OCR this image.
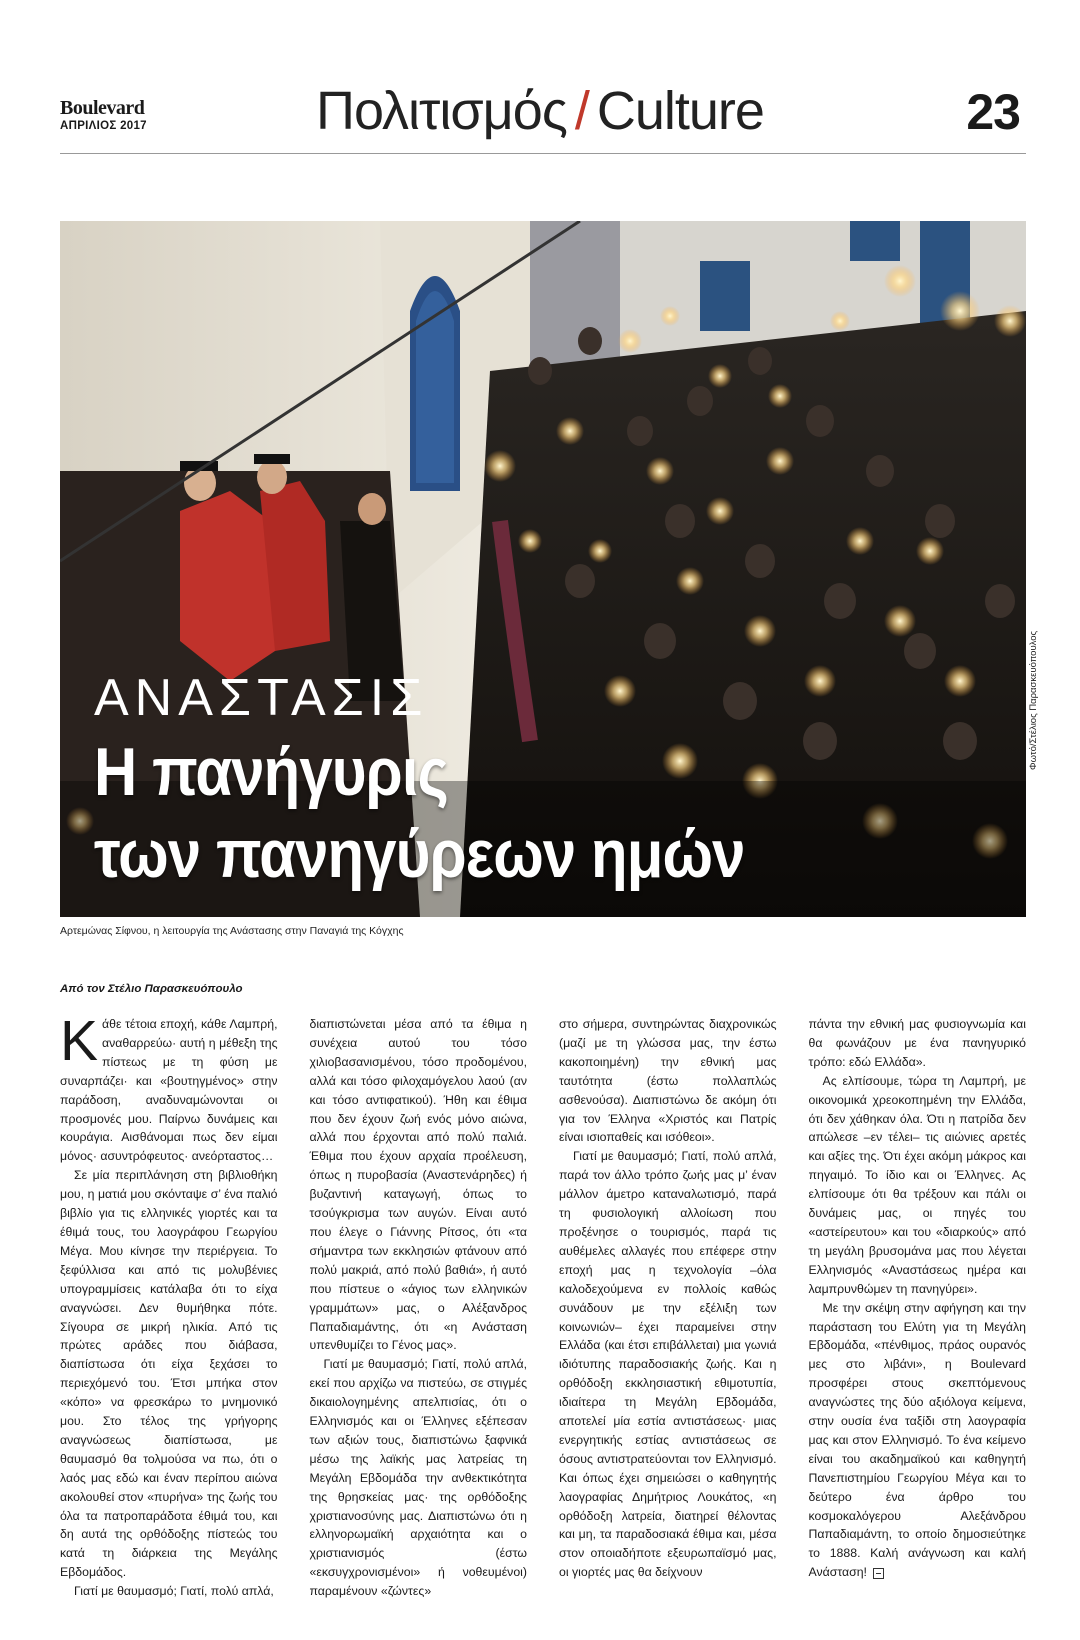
Boulevard
ΑΠΡΙΛΙΟΣ 2017	Πολιτισμός / Culture	23
ΑΝΑΣΤΑΣΙΣ
Η πανήγυρις
των πανηγύρεων ημών
Φωτό/Στέλιος Παρασκευόπουλος
Αρτεμώνας Σίφνου, η λειτουργία της Ανάστασης στην Παναγιά της Κόγχης
Από τον Στέλιο Παρασκευόπουλο

Κάθε τέτοια εποχή, κάθε Λαμπρή, αναθαρρεύω· αυτή η μέθεξη της πίστεως με τη φύση με συναρπάζει· και «βουτηγμένος» στην παράδοση, αναδυναμώνονται οι προσμονές μου. Παίρνω δυνάμεις και κουράγια. Αισθάνομαι πως δεν είμαι μόνος· ασυντρόφευτος· ανεόρταστος…

Σε μία περιπλάνηση στη βιβλιοθήκη μου, η ματιά μου σκόνταψε σ’ ένα παλιό βιβλίο για τις ελληνικές γιορτές και τα έθιμά τους, του λαογράφου Γεωργίου Μέγα. Μου κίνησε την περιέργεια. Το ξεφύλλισα και από τις μολυβένιες υπογραμμίσεις κατάλαβα ότι το είχα αναγνώσει. Δεν θυμήθηκα πότε. Σίγουρα σε μικρή ηλικία. Από τις πρώτες αράδες που διάβασα, διαπίστωσα ότι είχα ξεχάσει το περιεχόμενό του. Έτσι μπήκα στον «κόπο» να φρεσκάρω το μνημονικό μου. Στο τέλος της γρήγορης αναγνώσεως διαπίστωσα, με θαυμασμό θα τολμούσα να πω, ότι ο λαός μας εδώ και έναν περίπου αιώνα ακολουθεί στον «πυρήνα» της ζωής του όλα τα πατροπαράδοτα έθιμά του, και δη αυτά της ορθόδοξης πίστεώς του κατά τη διάρκεια της Μεγάλης Εβδομάδος.

Γιατί με θαυμασμό; Γιατί, πολύ απλά,

διαπιστώνεται μέσα από τα έθιμα η συνέχεια αυτού του τόσο χιλιοβασανισμένου, τόσο προδομένου, αλλά και τόσο φιλοχαμόγελου λαού (αν και τόσο αντιφατικού). Ήθη και έθιμα που δεν έχουν ζωή ενός μόνο αιώνα, αλλά που έρχονται από πολύ παλιά. Έθιμα που έχουν αρχαία προέλευση, όπως η πυροβασία (Αναστενάρηδες) ή βυζαντινή καταγωγή, όπως το τσούγκρισμα των αυγών. Είναι αυτό που έλεγε ο Γιάννης Ρίτσος, ότι «τα σήμαντρα των εκκλησιών φτάνουν από πολύ μακριά, από πολύ βαθιά», ή αυτό που πίστευε ο «άγιος των ελληνικών γραμμάτων» μας, ο Αλέξανδρος Παπαδιαμάντης, ότι «η Ανάσταση υπενθυμίζει το Γένος μας».

Γιατί με θαυμασμό; Γιατί, πολύ απλά, εκεί που αρχίζω να πιστεύω, σε στιγμές δικαιολογημένης απελπισίας, ότι ο Ελληνισμός και οι Έλληνες εξέπεσαν των αξιών τους, διαπιστώνω ξαφνικά μέσω της λαϊκής μας λατρείας τη Μεγάλη Εβδομάδα την ανθεκτικότητα της θρησκείας μας· της ορθόδοξης χριστιανοσύνης μας. Διαπιστώνω ότι η ελληνορωμαϊκή αρχαιότητα και ο χριστιανισμός (έστω «εκσυγχρονισμένοι» ή νοθευμένοι) παραμένουν «ζώντες»

στο σήμερα, συντηρώντας διαχρονικώς (μαζί με τη γλώσσα μας, την έστω κακοποιημένη) την εθνική μας ταυτότητα (έστω πολλαπλώς ασθενούσα). Διαπιστώνω δε ακόμη ότι για τον Έλληνα «Χριστός και Πατρίς είναι ισιοπαθείς και ισόθεοι».

Γιατί με θαυμασμό; Γιατί, πολύ απλά, παρά τον άλλο τρόπο ζωής μας μ’ έναν μάλλον άμετρο καταναλωτισμό, παρά τη φυσιολογική αλλοίωση που προξένησε ο τουρισμός, παρά τις αυθέμελες αλλαγές που επέφερε στην εποχή μας η τεχνολογία –όλα καλοδεχούμενα εν πολλοίς καθώς συνάδουν με την εξέλιξη των κοινωνιών– έχει παραμείνει στην Ελλάδα (και έτσι επιβάλλεται) μια γωνιά ιδιότυπης παραδοσιακής ζωής. Και η ορθόδοξη εκκλησιαστική εθιμοτυπία, ιδιαίτερα τη Μεγάλη Εβδομάδα, αποτελεί μία εστία αντιστάσεως· μιας ενεργητικής εστίας αντιστάσεως σε όσους αντιστρατεύονται τον Ελληνισμό. Και όπως έχει σημειώσει ο καθηγητής λαογραφίας Δημήτριος Λουκάτος, «η ορθόδοξη λατρεία, διατηρεί θέλοντας και μη, τα παραδοσιακά έθιμα και, μέσα στον οποιαδήποτε εξευρωπαϊσμό μας, οι γιορτές μας θα δείχνουν

πάντα την εθνική μας φυσιογνωμία και θα φωνάζουν με ένα πανηγυρικό τρόπο: εδώ Ελλάδα».

Ας ελπίσουμε, τώρα τη Λαμπρή, με οικονομικά χρεοκοπημένη την Ελλάδα, ότι δεν χάθηκαν όλα. Ότι η πατρίδα δεν απώλεσε –εν τέλει– τις αιώνιες αρετές και αξίες της. Ότι έχει ακόμη μάκρος και πηγαιμό. Το ίδιο και οι Έλληνες. Ας ελπίσουμε ότι θα τρέξουν και πάλι οι δυνάμεις μας, οι πηγές του «αστείρευτου» και του «διαρκούς» από τη μεγάλη βρυσομάνα μας που λέγεται Ελληνισμός «Αναστάσεως ημέρα και λαμπρυνθώμεν τη πανηγύρει».

Με την σκέψη στην αφήγηση και την παράσταση του Ελύτη για τη Μεγάλη Εβδομάδα, «πένθιμος, πράος ουρανός μες στο λιβάνι», η Boulevard προσφέρει στους σκεπτόμενους αναγνώστες της δύο αξιόλογα κείμενα, στην ουσία ένα ταξίδι στη λαογραφία μας και στον Ελληνισμό. Το ένα κείμενο είναι του ακαδημαϊκού και καθηγητή Πανεπιστημίου Γεωργίου Μέγα και το δεύτερο ένα άρθρο του κοσμοκαλόγερου Αλεξάνδρου Παπαδιαμάντη, το οποίο δημοσιεύτηκε το 1888. Καλή ανάγνωση και καλή Ανάσταση!
